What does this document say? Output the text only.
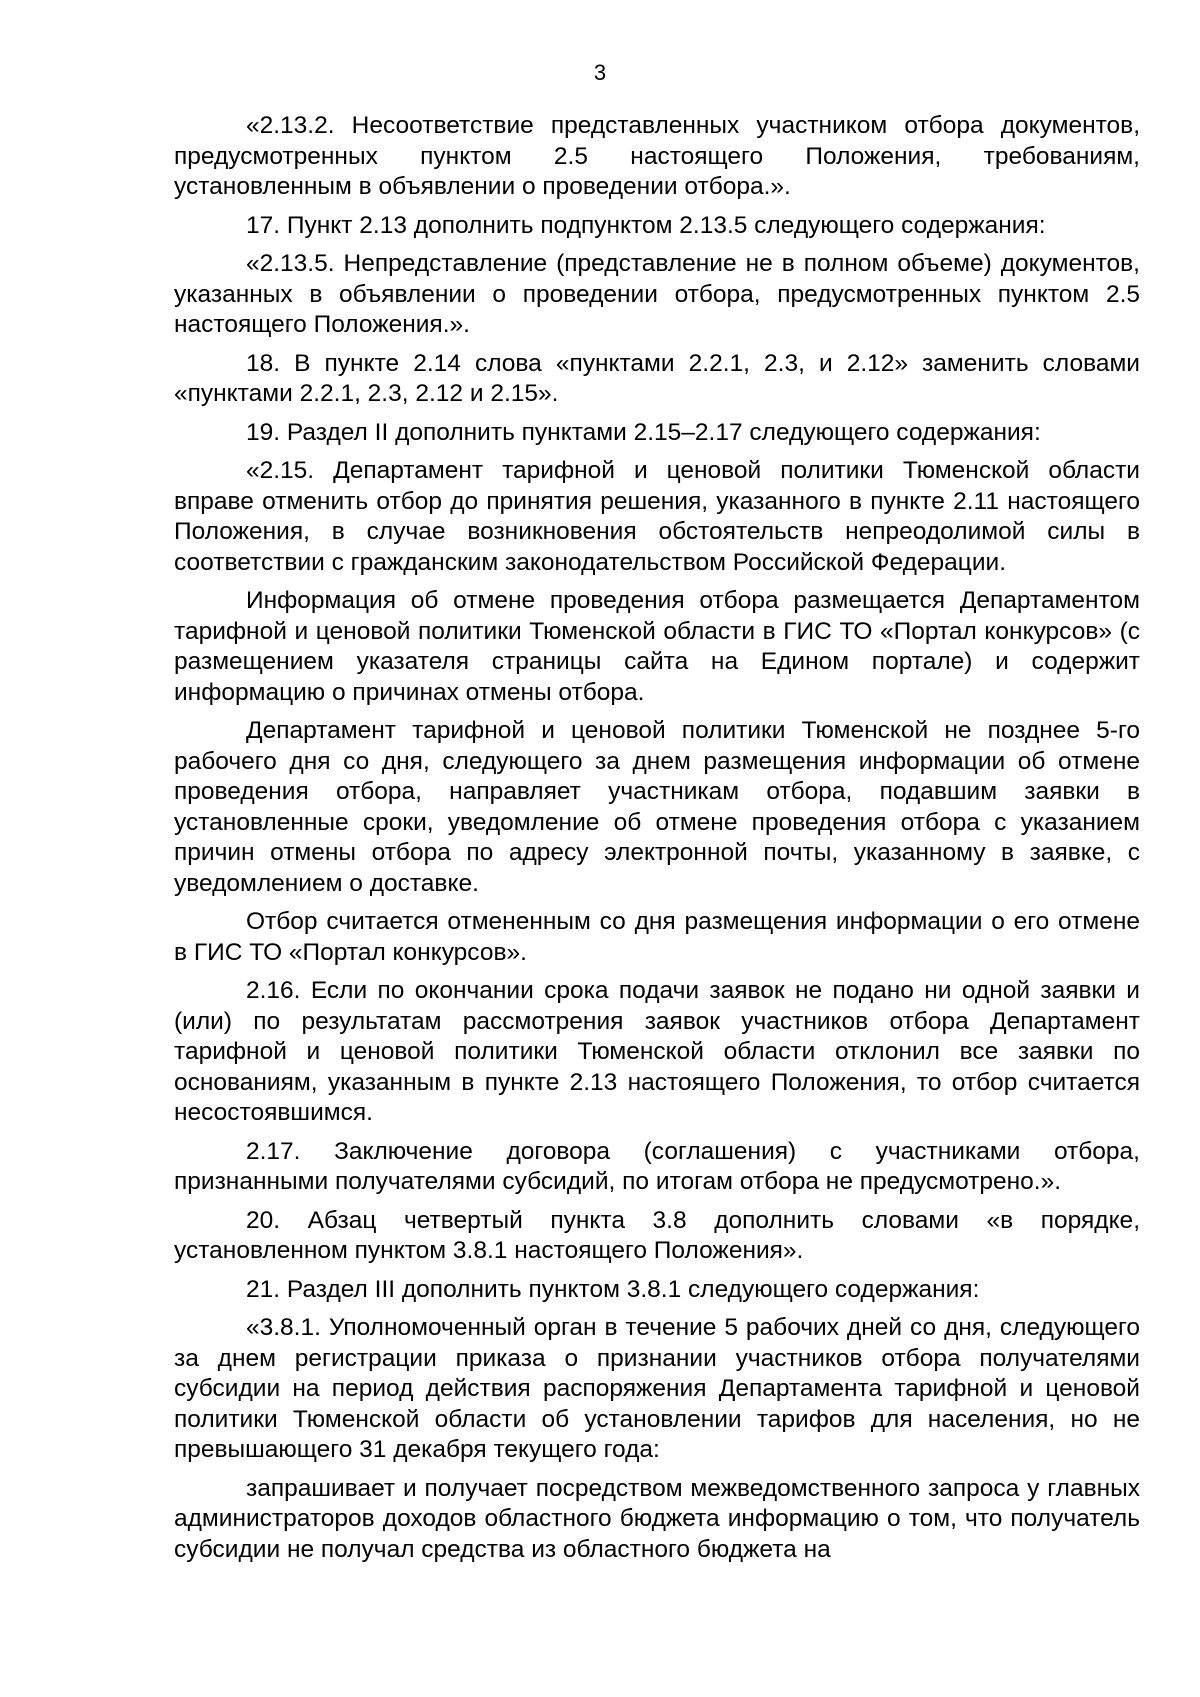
3

«2.13.2. Несоответствие представленных участником отбора документов, предусмотренных пунктом 2.5 настоящего Положения, требованиям, установленным в объявлении о проведении отбора.».

17. Пункт 2.13 дополнить подпунктом 2.13.5 следующего содержания:

«2.13.5. Непредставление (представление не в полном объеме) документов, указанных в объявлении о проведении отбора, предусмотренных пунктом 2.5 настоящего Положения.».

18. В пункте 2.14 слова «пунктами 2.2.1, 2.3, и 2.12» заменить словами «пунктами 2.2.1, 2.3, 2.12 и 2.15».

19. Раздел II дополнить пунктами 2.15–2.17 следующего содержания:

«2.15. Департамент тарифной и ценовой политики Тюменской области вправе отменить отбор до принятия решения, указанного в пункте 2.11 настоящего Положения, в случае возникновения обстоятельств непреодолимой силы в соответствии с гражданским законодательством Российской Федерации.

Информация об отмене проведения отбора размещается Департаментом тарифной и ценовой политики Тюменской области в ГИС ТО «Портал конкурсов» (с размещением указателя страницы сайта на Едином портале) и содержит информацию о причинах отмены отбора.

Департамент тарифной и ценовой политики Тюменской не позднее 5-го рабочего дня со дня, следующего за днем размещения информации об отмене проведения отбора, направляет участникам отбора, подавшим заявки в установленные сроки, уведомление об отмене проведения отбора с указанием причин отмены отбора по адресу электронной почты, указанному в заявке, с уведомлением о доставке.

Отбор считается отмененным со дня размещения информации о его отмене в ГИС ТО «Портал конкурсов».

2.16. Если по окончании срока подачи заявок не подано ни одной заявки и (или) по результатам рассмотрения заявок участников отбора Департамент тарифной и ценовой политики Тюменской области отклонил все заявки по основаниям, указанным в пункте 2.13 настоящего Положения, то отбор считается несостоявшимся.

2.17. Заключение договора (соглашения) с участниками отбора, признанными получателями субсидий, по итогам отбора не предусмотрено.».

20. Абзац четвертый пункта 3.8 дополнить словами «в порядке, установленном пунктом 3.8.1 настоящего Положения».

21. Раздел III дополнить пунктом 3.8.1 следующего содержания:

«3.8.1. Уполномоченный орган в течение 5 рабочих дней со дня, следующего за днем регистрации приказа о признании участников отбора получателями субсидии на период действия распоряжения Департамента тарифной и ценовой политики Тюменской области об установлении тарифов для населения, но не превышающего 31 декабря текущего года:

запрашивает и получает посредством межведомственного запроса у главных администраторов доходов областного бюджета информацию о том, что получатель субсидии не получал средства из областного бюджета на
